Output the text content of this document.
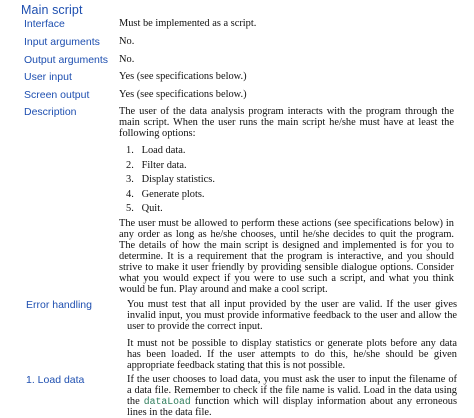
Main script
Interface	Must be implemented as a script.
Input arguments No.
Output arguments No.
User input	Yes (see specifications below.)
Screen output	Yes (see specifications below.)
Description	The user of the data analysis program interacts with the program through the main script. When the user runs the main script he/she must have at least the following options:

1. Load data.
2. Filter data.
3. Display statistics.
4. Generate plots.
5. Quit.

The user must be allowed to perform these actions (see specifications below) in any order as long as he/she chooses, until he/she decides to quit the program. The details of how the main script is designed and implemented is for you to determine. It is a requirement that the program is interactive, and you should strive to make it user friendly by providing sensible dialogue options. Consider what you would expect if you were to use such a script, and what you think would be fun. Play around and make a cool script.

Error handling	You must test that all input provided by the user are valid. If the user gives invalid input, you must provide informative feedback to the user and allow the user to provide the correct input.

It must not be possible to display statistics or generate plots before any data has been loaded. If the user attempts to do this, he/she should be given appropriate feedback stating that this is not possible.

1. Load data	If the user chooses to load data, you must ask the user to input the filename of a data file. Remember to check if the file name is valid. Load in the data using the dataLoad function which will display information about any erroneous lines in the data file.
